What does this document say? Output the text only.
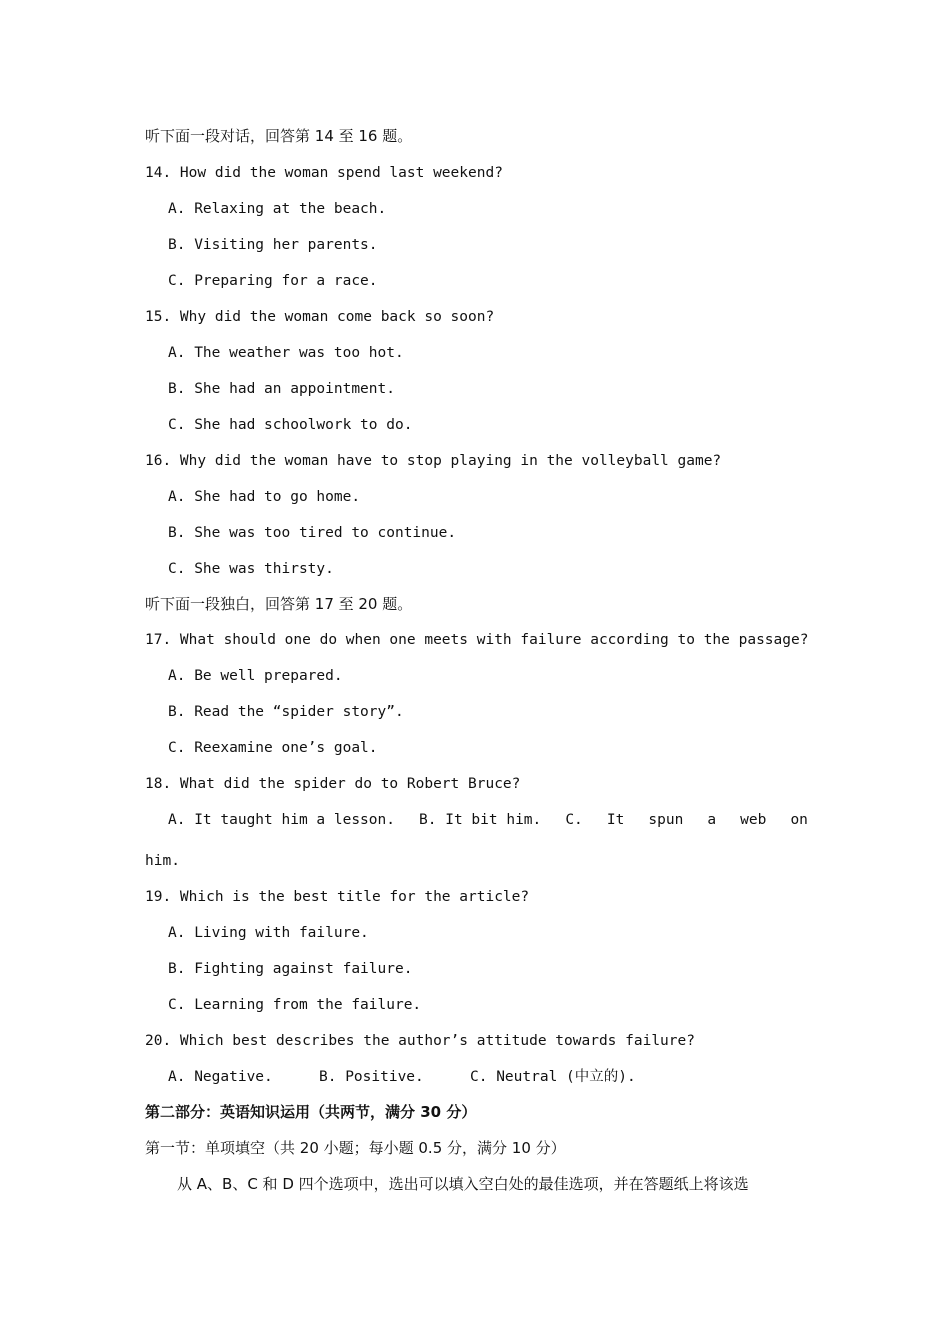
听下面一段对话，回答第 14 至 16 题。
14. How did the woman spend last weekend?
A. Relaxing at the beach.
B. Visiting her parents.
C. Preparing for a race.
15. Why did the woman come back so soon?
A. The weather was too hot.
B. She had an appointment.
C. She had schoolwork to do.
16. Why did the woman have to stop playing in the volleyball game?
A. She had to go home.
B. She was too tired to continue.
C. She was thirsty.
听下面一段独白，回答第 17 至 20 题。
17. What should one do when one meets with failure according to the passage?
A. Be well prepared.
B. Read the “spider story”.
C. Reexamine one’s goal.
18. What did the spider do to Robert Bruce?
A. It taught him a lesson. B. It bit him. C. It spun a web on
him.
19. Which is the best title for the article?
A. Living with failure.
B. Fighting against failure.
C. Learning from the failure.
20. Which best describes the author’s attitude towards failure?
A. Negative.	B. Positive.	C. Neutral (中立的).
第二部分：英语知识运用（共两节，满分 30 分）
第一节：单项填空（共 20 小题；每小题 0.5 分，满分 10 分）
从 A、B、C 和 D 四个选项中，选出可以填入空白处的最佳选项，并在答题纸上将该选
